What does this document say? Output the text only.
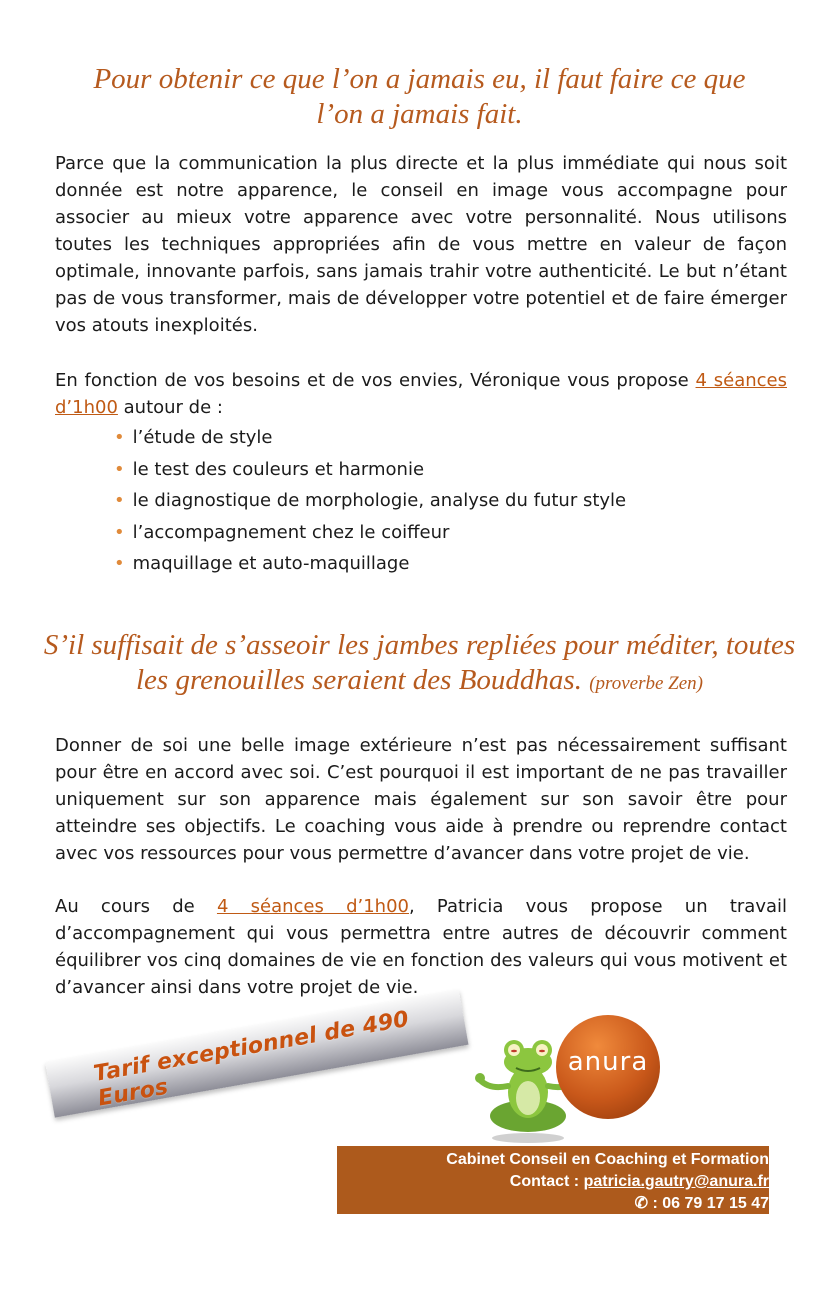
Pour obtenir ce que l’on a jamais eu, il faut faire ce que
l’on a jamais fait.

Parce que la communication la plus directe et la plus immédiate qui nous soit donnée est notre apparence, le conseil en image vous accompagne pour associer au mieux votre apparence avec votre personnalité. Nous utilisons toutes les techniques appropriées afin de vous mettre en valeur de façon optimale, innovante parfois, sans jamais trahir votre authenticité. Le but n’étant pas de vous transformer, mais de développer votre potentiel et de faire émerger vos atouts inexploités.

En fonction de vos besoins et de vos envies, Véronique vous propose 4 séances d’1h00 autour de :

• l’étude de style
• le test des couleurs et harmonie
• le diagnostique de morphologie, analyse du futur style
• l’accompagnement chez le coiffeur
• maquillage et auto-maquillage
S’il suffisait de s’asseoir les jambes repliées pour méditer, toutes
les grenouilles seraient des Bouddhas. (proverbe Zen)

Donner de soi une belle image extérieure n’est pas nécessairement suffisant pour être en accord avec soi. C’est pourquoi il est important de ne pas travailler uniquement sur son apparence mais également sur son savoir être pour atteindre ses objectifs. Le coaching vous aide à prendre ou reprendre contact avec vos ressources pour vous permettre d’avancer dans votre projet de vie.

Au cours de 4 séances d’1h00, Patricia vous propose un travail d’accompagnement qui vous permettra entre autres de découvrir comment équilibrer vos cinq domaines de vie en fonction des valeurs qui vous motivent et d’avancer ainsi dans votre projet de vie.

Tarif exceptionnel de 490 Euros
anura
Cabinet Conseil en Coaching et Formation
Contact : patricia.gautry@anura.fr
✆ : 06 79 17 15 47
